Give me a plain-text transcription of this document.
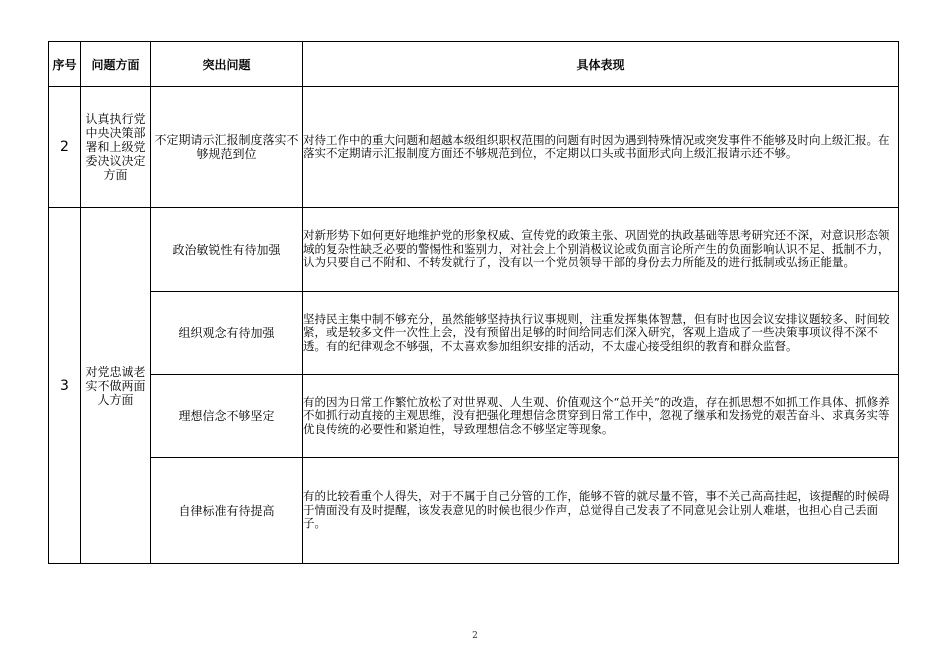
序号	问题方面	突出问题	具体表现
2	认真执行党中央决策部署和上级党委决议决定方面	不定期请示汇报制度落实不够规范到位	对待工作中的重大问题和超越本级组织职权范围的问题有时因为遇到特殊情况或突发事件不能够及时向上级汇报。在落实不定期请示汇报制度方面还不够规范到位，不定期以口头或书面形式向上级汇报请示还不够。
3	对党忠诚老实不做两面人方面	政治敏锐性有待加强	对新形势下如何更好地维护党的形象权威、宣传党的政策主张、巩固党的执政基础等思考研究还不深，对意识形态领域的复杂性缺乏必要的警惕性和鉴别力，对社会上个别消极议论或负面言论所产生的负面影响认识不足、抵制不力，认为只要自己不附和、不转发就行了，没有以一个党员领导干部的身份去力所能及的进行抵制或弘扬正能量。
		组织观念有待加强	坚持民主集中制不够充分，虽然能够坚持执行议事规则，注重发挥集体智慧，但有时也因会议安排议题较多、时间较紧，或是较多文件一次性上会，没有预留出足够的时间给同志们深入研究，客观上造成了一些决策事项议得不深不透。有的纪律观念不够强，不太喜欢参加组织安排的活动，不太虚心接受组织的教育和群众监督。
		理想信念不够坚定	有的因为日常工作繁忙放松了对世界观、人生观、价值观这个“总开关”的改造，存在抓思想不如抓工作具体、抓修养不如抓行动直接的主观思维，没有把强化理想信念贯穿到日常工作中，忽视了继承和发扬党的艰苦奋斗、求真务实等优良传统的必要性和紧迫性，导致理想信念不够坚定等现象。
		自律标准有待提高	有的比较看重个人得失，对于不属于自己分管的工作，能够不管的就尽量不管，事不关己高高挂起，该提醒的时候碍于情面没有及时提醒，该发表意见的时候也很少作声，总觉得自己发表了不同意见会让别人难堪，也担心自己丢面子。
2
